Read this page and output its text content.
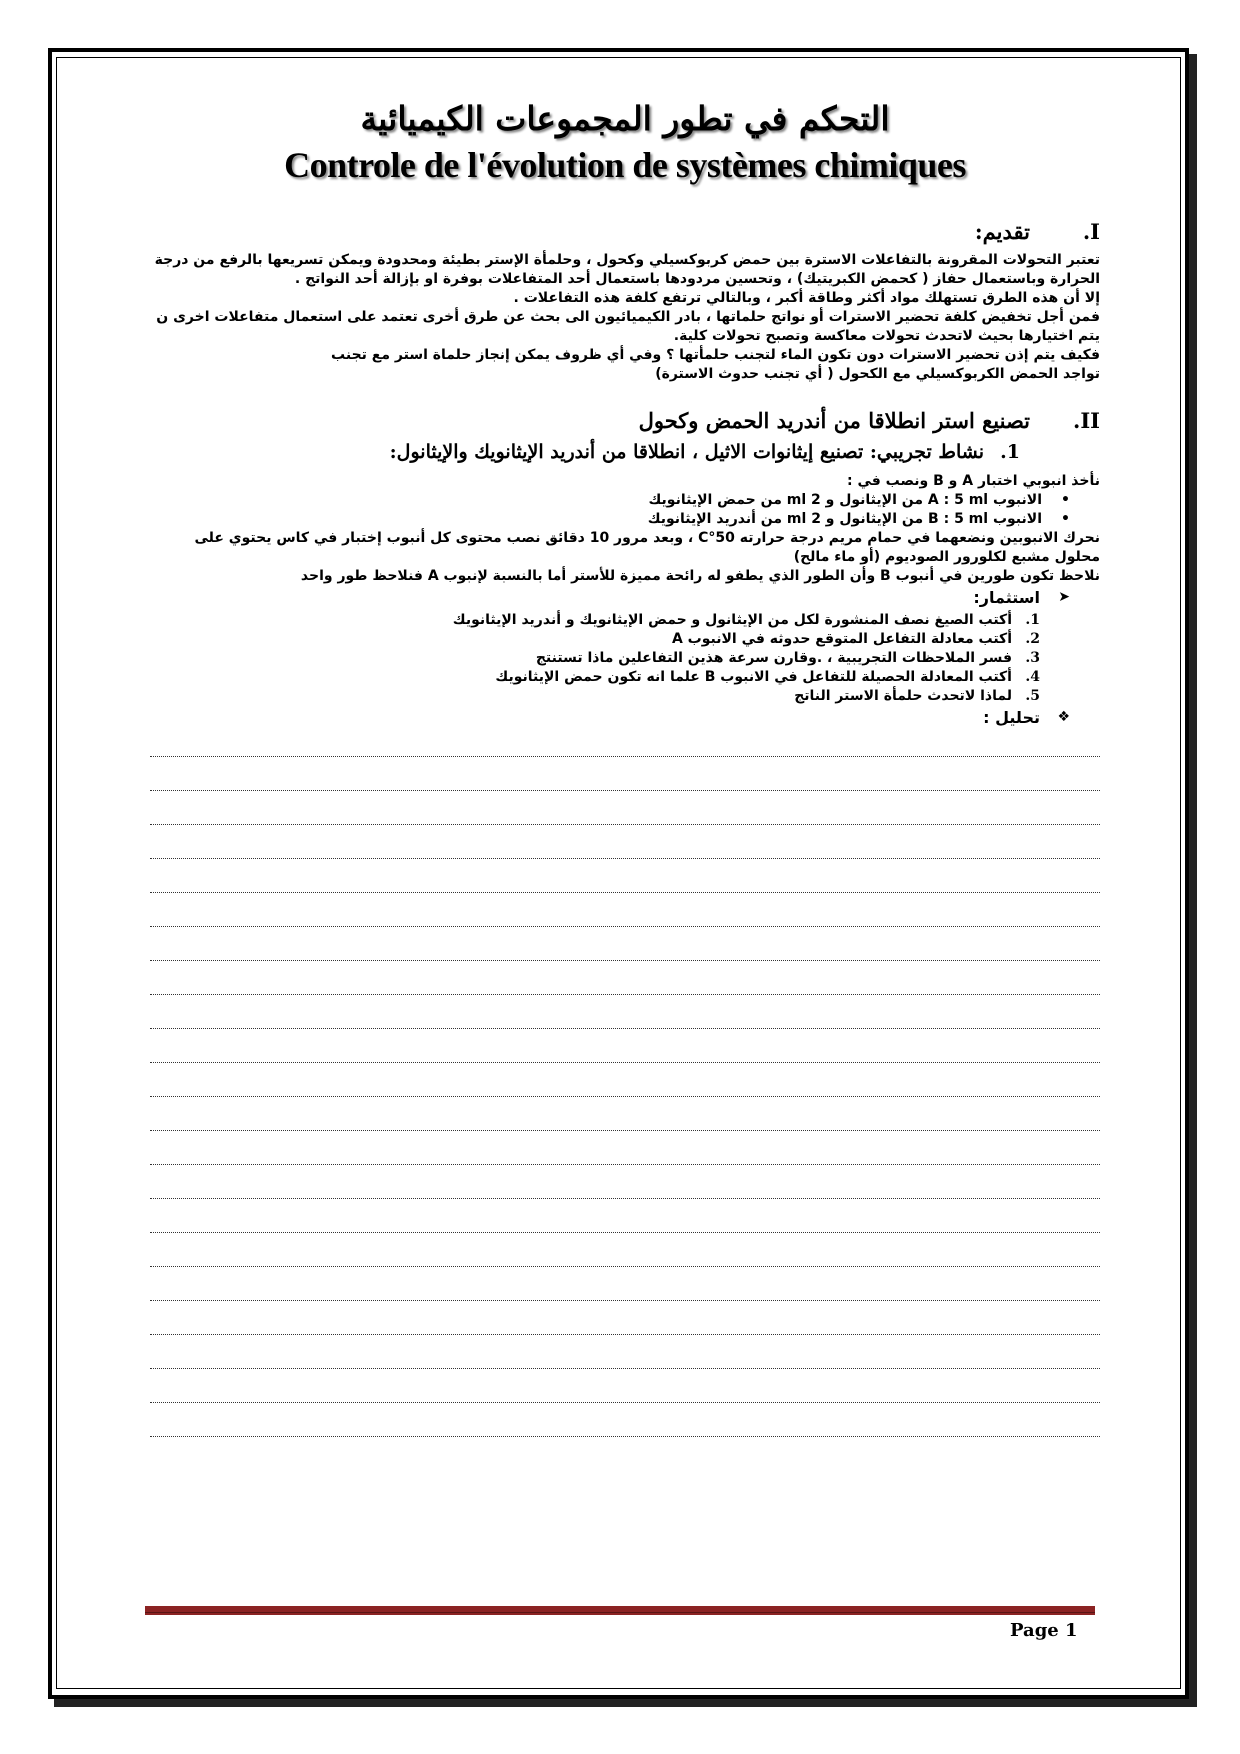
التحكم في تطور المجموعات الكيميائية
Controle de l'évolution de systèmes chimiques
I.
تقديم:

تعتبر التحولات المقرونة بالتفاعلات الاسترة بين حمض كربوكسيلي وكحول ، وحلمأة الإستر بطيئة ومحدودة ويمكن تسريعها بالرفع من درجة الحرارة وباستعمال حفاز ( كحمض الكبريتيك) ، وتحسين مردودها باستعمال أحد المتفاعلات بوفرة او بإزالة أحد النواتج .

إلا أن هذه الطرق تستهلك مواد أكثر وطاقة أكبر ، وبالتالي ترتفع كلفة هذه التفاعلات .

فمن أجل تخفيض كلفة تحضير الاسترات أو نواتج حلماتها ، بادر الكيميائيون الى بحث عن طرق أخرى تعتمد على استعمال متفاعلات اخرى ن يتم اختيارها بحيث لاتحدث تحولات معاكسة وتصبح تحولات كلية.

فكيف يتم إذن تحضير الاسترات دون تكون الماء لتجنب حلمأتها ؟ وفي أي ظروف يمكن إنجاز حلماة استر مع تجنب تواجد الحمض الكربوكسيلي مع الكحول ( أي تجنب حدوث الاسترة)

II.
تصنيع استر انطلاقا من أندريد الحمض وكحول
1.
نشاط تجريبي: تصنيع إيثانوات الاثيل ، انطلاقا من أندريد الإيثانويك والإيثانول:

نأخذ انبوبي اختبار A و B ونصب في :

• الانبوب A : 5 ml من الإيثانول و 2 ml من حمض الإيثانويك
• الانبوب B : 5 ml من الإيثانول و 2 ml من أندريد الإيثانويك

نحرك الانبوبين ونضعهما في حمام مريم درجة حرارته 50°C ، وبعد مرور 10 دقائق نصب محتوى كل أنبوب إختبار في كاس يحتوي على محلول مشبع لكلورور الصوديوم (أو ماء مالح)

نلاحظ تكون طورين في أنبوب B وأن الطور الذي يطفو له رائحة مميزة للأستر أما بالنسبة لإنبوب A فنلاحظ طور واحد

➤
استثمار:
1.
أكتب الصيغ نصف المنشورة لكل من الإيثانول و حمض الإيثانويك و أندريد الإيثانويك
2.
أكتب معادلة التفاعل المتوقع حدوثه في الانبوب A
3.
فسر الملاحظات التجريبية ، .وقارن سرعة هذين التفاعلين ماذا تستنتج
4.
أكتب المعادلة الحصيلة للتفاعل في الانبوب B علما انه تكون حمض الإيثانويك
5.
لماذا لاتحدث حلمأة الاستر الناتج
❖
تحليل :
Page 1
